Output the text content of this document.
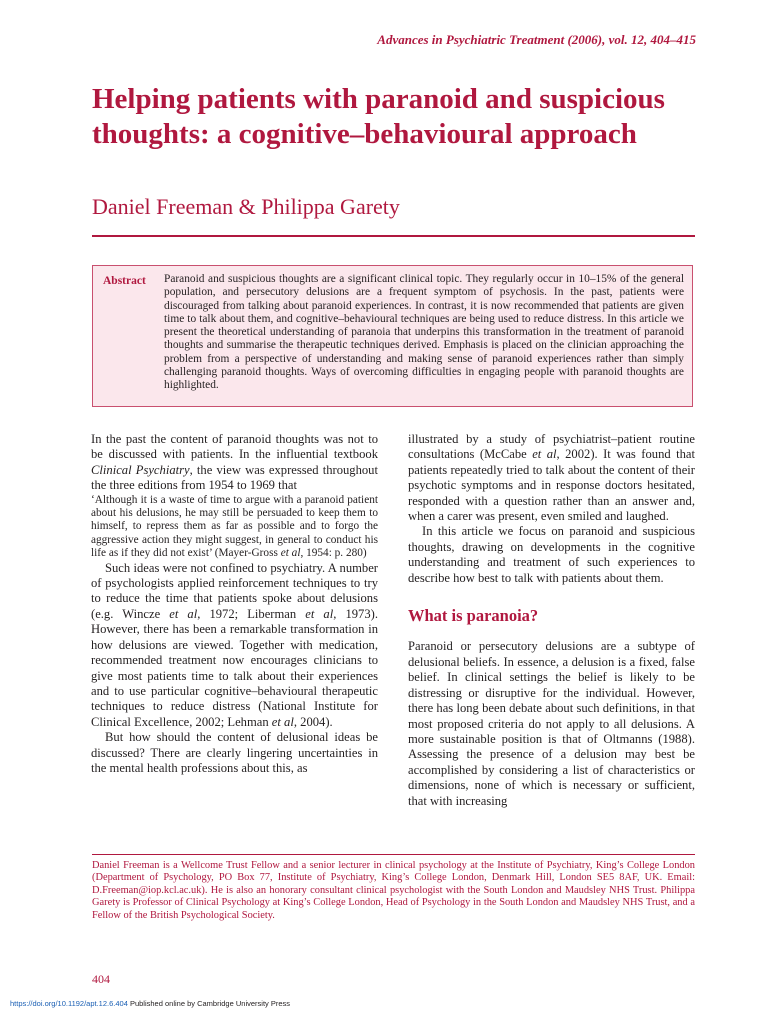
Advances in Psychiatric Treatment (2006), vol. 12, 404–415
Helping patients with paranoid and suspicious thoughts: a cognitive–behavioural approach
Daniel Freeman & Philippa Garety
Abstract	Paranoid and suspicious thoughts are a significant clinical topic. They regularly occur in 10–15% of the general population, and persecutory delusions are a frequent symptom of psychosis. In the past, patients were discouraged from talking about paranoid experiences. In contrast, it is now recommended that patients are given time to talk about them, and cognitive–behavioural techniques are being used to reduce distress. In this article we present the theoretical understanding of paranoia that underpins this transformation in the treatment of paranoid thoughts and summarise the therapeutic techniques derived. Emphasis is placed on the clinician approaching the problem from a perspective of understanding and making sense of paranoid experiences rather than simply challenging paranoid thoughts. Ways of overcoming difficulties in engaging people with paranoid thoughts are highlighted.

In the past the content of paranoid thoughts was not to be discussed with patients. In the influential textbook Clinical Psychiatry, the view was expressed throughout the three editions from 1954 to 1969 that

‘Although it is a waste of time to argue with a paranoid patient about his delusions, he may still be persuaded to keep them to himself, to repress them as far as possible and to forgo the aggressive action they might suggest, in general to conduct his life as if they did not exist’ (Mayer-Gross et al, 1954: p. 280)

Such ideas were not confined to psychiatry. A number of psychologists applied reinforcement techniques to try to reduce the time that patients spoke about delusions (e.g. Wincze et al, 1972; Liberman et al, 1973). However, there has been a remarkable transformation in how delusions are viewed. Together with medication, recommended treatment now encourages clinicians to give most patients time to talk about their experiences and to use particular cognitive–behavioural therapeutic techniques to reduce distress (National Institute for Clinical Excellence, 2002; Lehman et al, 2004).

But how should the content of delusional ideas be discussed? There are clearly lingering uncertainties in the mental health professions about this, as

illustrated by a study of psychiatrist–patient routine consultations (McCabe et al, 2002). It was found that patients repeatedly tried to talk about the content of their psychotic symptoms and in response doctors hesitated, responded with a question rather than an answer and, when a carer was present, even smiled and laughed.

In this article we focus on paranoid and suspicious thoughts, drawing on developments in the cognitive understanding and treatment of such experiences to describe how best to talk with patients about them.

What is paranoia?

Paranoid or persecutory delusions are a subtype of delusional beliefs. In essence, a delusion is a fixed, false belief. In clinical settings the belief is likely to be distressing or disruptive for the individual. However, there has long been debate about such definitions, in that most proposed criteria do not apply to all delusions. A more sustainable position is that of Oltmanns (1988). Assessing the presence of a delusion may best be accomplished by considering a list of characteristics or dimensions, none of which is necessary or sufficient, that with increasing

Daniel Freeman is a Wellcome Trust Fellow and a senior lecturer in clinical psychology at the Institute of Psychiatry, King’s College London (Department of Psychology, PO Box 77, Institute of Psychiatry, King’s College London, Denmark Hill, London SE5 8AF, UK. Email: D.Freeman@iop.kcl.ac.uk). He is also an honorary consultant clinical psychologist with the South London and Maudsley NHS Trust. Philippa Garety is Professor of Clinical Psychology at King’s College London, Head of Psychology in the South London and Maudsley NHS Trust, and a Fellow of the British Psychological Society.

404
https://doi.org/10.1192/apt.12.6.404 Published online by Cambridge University Press
